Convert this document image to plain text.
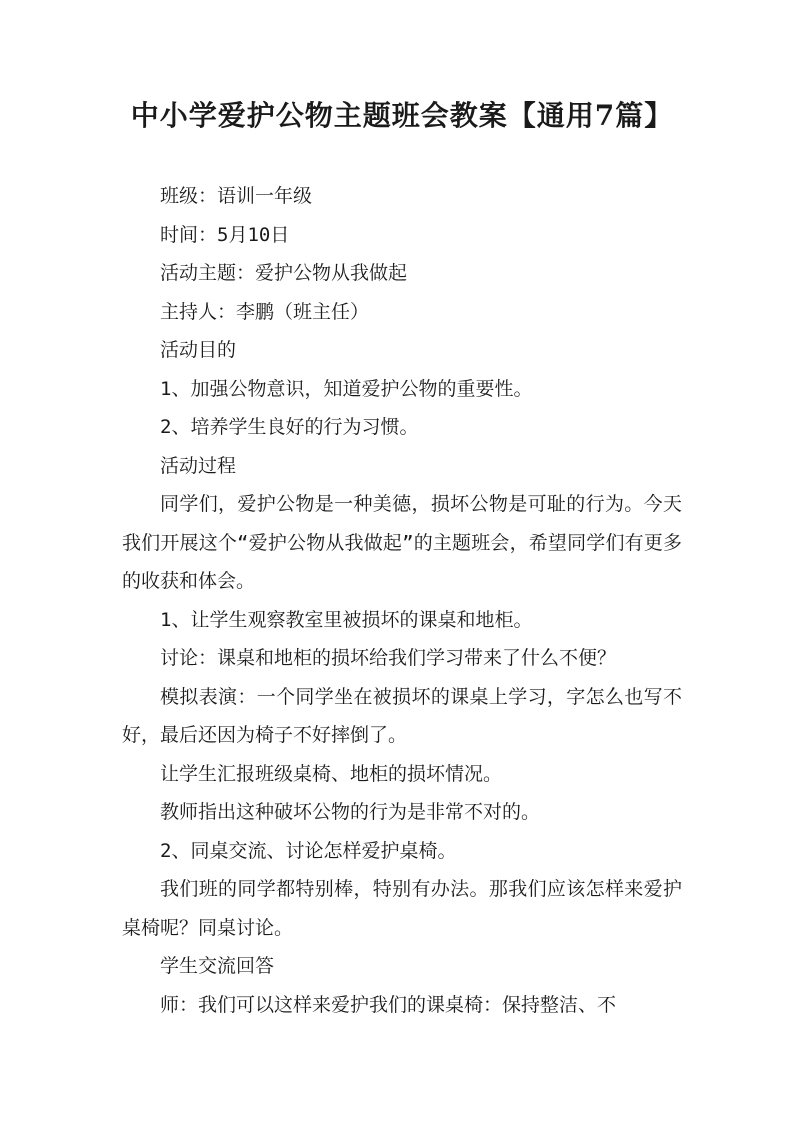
中小学爱护公物主题班会教案【通用7篇】

班级：语训一年级

时间：5月10日

活动主题：爱护公物从我做起

主持人：李鹏（班主任）

活动目的

1、加强公物意识，知道爱护公物的重要性。

2、培养学生良好的行为习惯。

活动过程

同学们，爱护公物是一种美德，损坏公物是可耻的行为。今天我们开展这个“爱护公物从我做起”的主题班会，希望同学们有更多的收获和体会。

1、让学生观察教室里被损坏的课桌和地柜。

讨论：课桌和地柜的损坏给我们学习带来了什么不便？

模拟表演：一个同学坐在被损坏的课桌上学习，字怎么也写不好，最后还因为椅子不好摔倒了。

让学生汇报班级桌椅、地柜的损坏情况。

教师指出这种破坏公物的行为是非常不对的。

2、同桌交流、讨论怎样爱护桌椅。

我们班的同学都特别棒，特别有办法。那我们应该怎样来爱护桌椅呢？同桌讨论。

学生交流回答

师：我们可以这样来爱护我们的课桌椅：保持整洁、不
